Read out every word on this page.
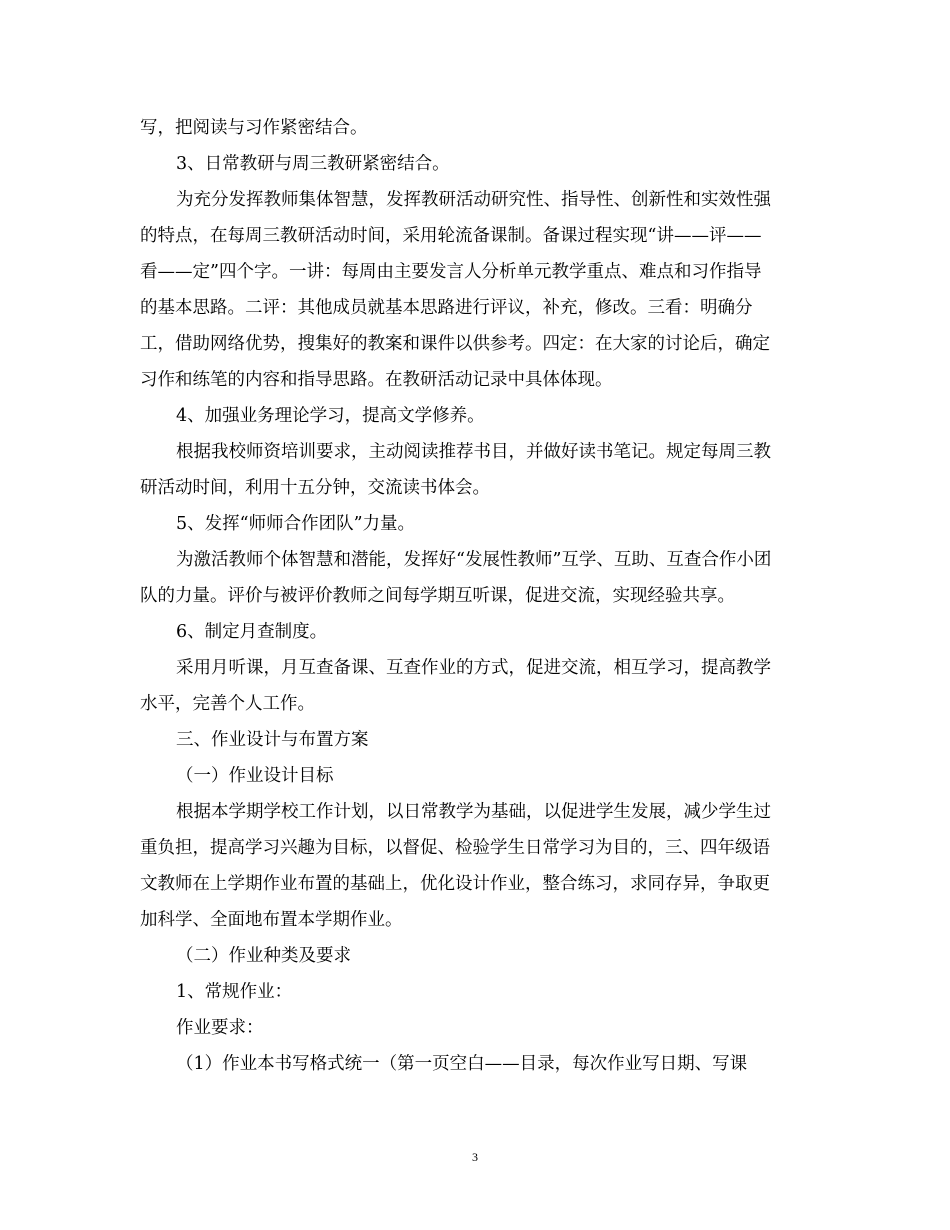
写，把阅读与习作紧密结合。
3、日常教研与周三教研紧密结合。
为充分发挥教师集体智慧，发挥教研活动研究性、指导性、创新性和实效性强
的特点，在每周三教研活动时间，采用轮流备课制。备课过程实现“讲——评——
看——定”四个字。一讲：每周由主要发言人分析单元教学重点、难点和习作指导
的基本思路。二评：其他成员就基本思路进行评议，补充，修改。三看：明确分
工，借助网络优势，搜集好的教案和课件以供参考。四定：在大家的讨论后，确定
习作和练笔的内容和指导思路。在教研活动记录中具体体现。
4、加强业务理论学习，提高文学修养。
根据我校师资培训要求，主动阅读推荐书目，并做好读书笔记。规定每周三教
研活动时间，利用十五分钟，交流读书体会。
5、发挥“师师合作团队”力量。
为激活教师个体智慧和潜能，发挥好“发展性教师”互学、互助、互查合作小团
队的力量。评价与被评价教师之间每学期互听课，促进交流，实现经验共享。
6、制定月查制度。
采用月听课，月互查备课、互查作业的方式，促进交流，相互学习，提高教学
水平，完善个人工作。
三、作业设计与布置方案
（一）作业设计目标
根据本学期学校工作计划，以日常教学为基础，以促进学生发展，减少学生过
重负担，提高学习兴趣为目标，以督促、检验学生日常学习为目的，三、四年级语
文教师在上学期作业布置的基础上，优化设计作业，整合练习，求同存异，争取更
加科学、全面地布置本学期作业。
（二）作业种类及要求
1、常规作业：
作业要求：
（1）作业本书写格式统一（第一页空白——目录，每次作业写日期、写课
3
